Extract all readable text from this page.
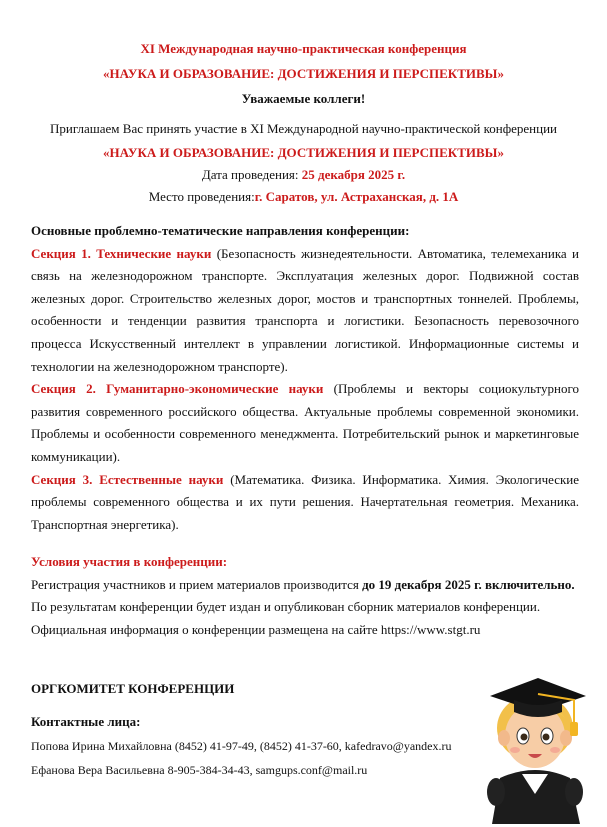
XI Международная научно-практическая конференция
«НАУКА И ОБРАЗОВАНИЕ: ДОСТИЖЕНИЯ И ПЕРСПЕКТИВЫ»
Уважаемые коллеги!
Приглашаем Вас принять участие в XI Международной научно-практической конференции
«НАУКА И ОБРАЗОВАНИЕ: ДОСТИЖЕНИЯ И ПЕРСПЕКТИВЫ»
Дата проведения: 25 декабря 2025 г.
Место проведения:г. Саратов, ул. Астраханская, д. 1А

Основные проблемно-тематические направления конференции:

Секция 1. Технические науки (Безопасность жизнедеятельности. Автоматика, телемеханика и связь на железнодорожном транспорте. Эксплуатация железных дорог. Подвижной состав железных дорог. Строительство железных дорог, мостов и транспортных тоннелей. Проблемы, особенности и тенденции развития транспорта и логистики. Безопасность перевозочного процесса Искусственный интеллект в управлении логистикой. Информационные системы и технологии на железнодорожном транспорте).

Секция 2. Гуманитарно-экономические науки (Проблемы и векторы социокультурного развития современного российского общества. Актуальные проблемы современной экономики. Проблемы и особенности современного менеджмента. Потребительский рынок и маркетинговые коммуникации).

Секция 3. Естественные науки (Математика. Физика. Информатика. Химия. Экологические проблемы современного общества и их пути решения. Начертательная геометрия. Механика. Транспортная энергетика).

Условия участия в конференции:

Регистрация участников и прием материалов производится до 19 декабря 2025 г. включительно.

По результатам конференции будет издан и опубликован сборник материалов конференции.

Официальная информация о конференции размещена на сайте https://www.stgt.ru

ОРГКОМИТЕТ КОНФЕРЕНЦИИ

Контактные лица:

Попова Ирина Михайловна (8452) 41-97-49, (8452) 41-37-60, kafedravo@yandex.ru

Ефанова Вера Васильевна 8-905-384-34-43, samgups.conf@mail.ru
